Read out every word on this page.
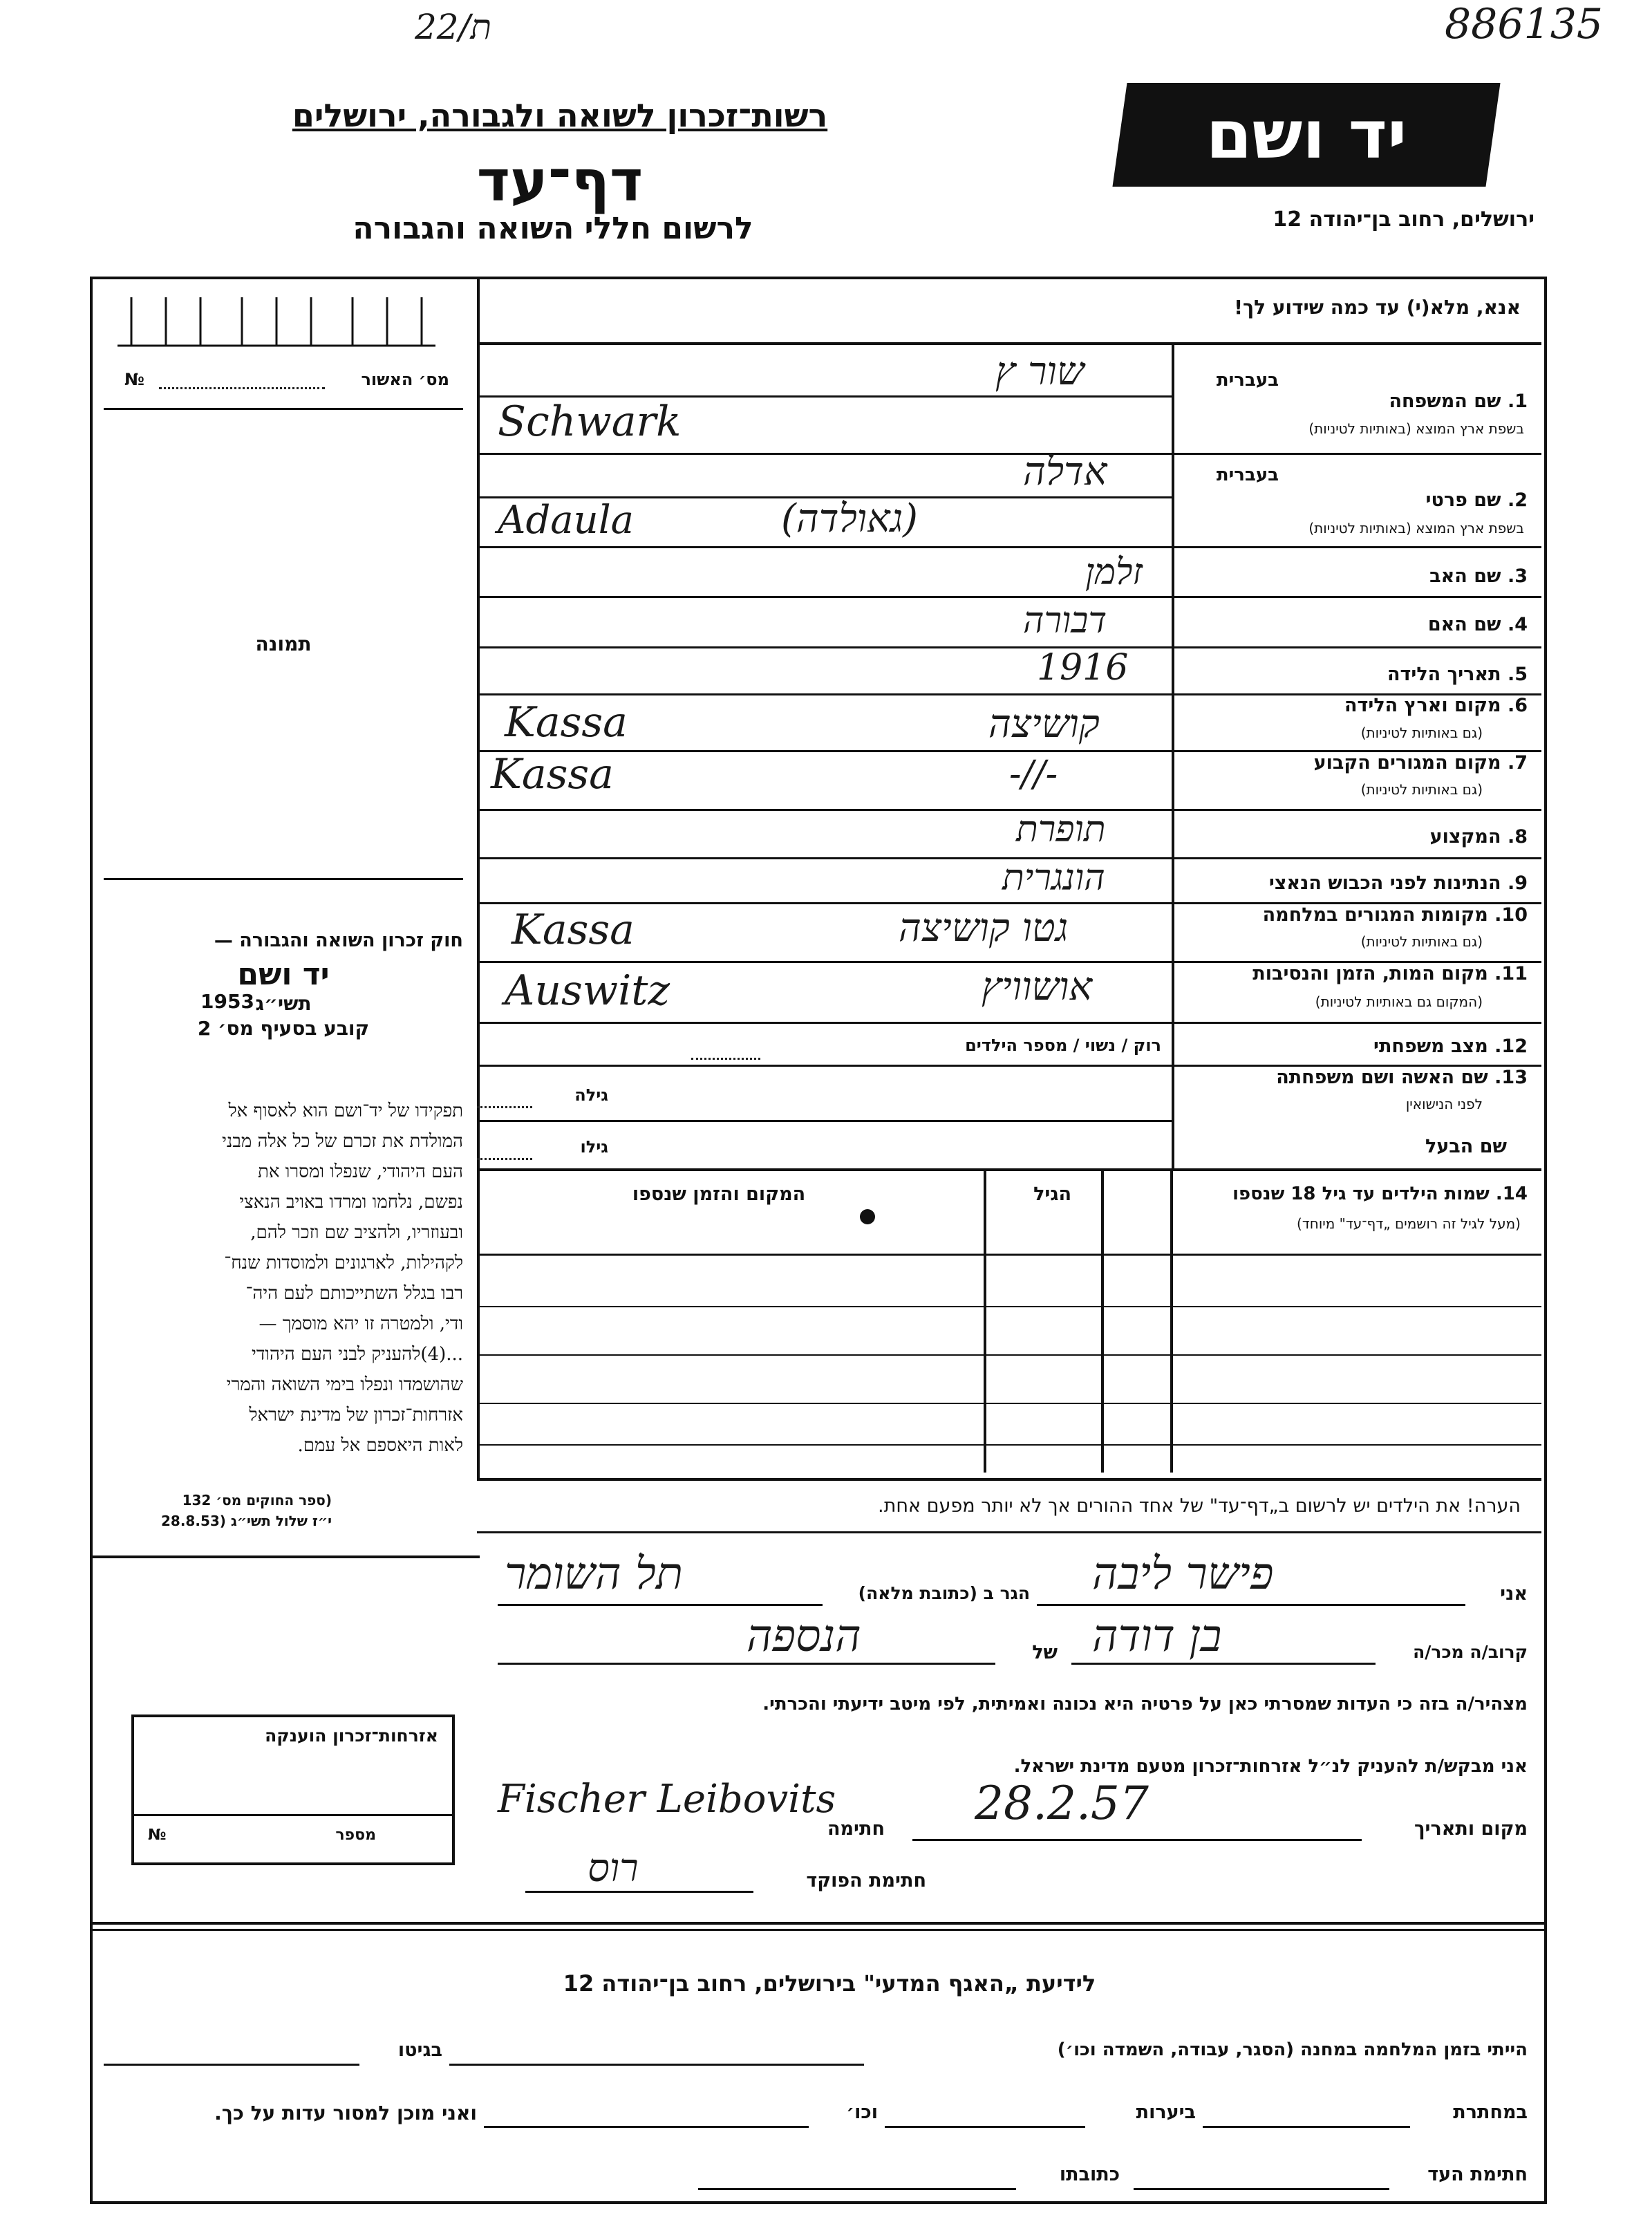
22/ת	886135
רשות־זכרון לשואה ולגבורה, ירושלים
דף־עד
לרשום חללי השואה והגבורה
יד ושם
ירושלים, רחוב בן־יהודה 12
מס׳ האשור
№
תמונה
חוק זכרון השואה והגבורה —
יד ושם
תשי״ג
1953
קובע בסעיף מס׳ 2
תפקידו של יד־ושם הוא לאסוף אל
המולדת את זכרם של כל אלה מבני
העם היהודי, שנפלו ומסרו את
נפשם, נלחמו ומרדו באויב הנאצי
ובעוזריו, ולהציב שם וזכר להם,
לקהילות, לארגונים ולמוסדות שנח־
רבו בגלל השתייכותם לעם היה־
ודי, ולמטרה זו יהא מוסמך —
...(4)להעניק לבני העם היהודי
שהושמדו ונפלו בימי השואה והמרי
אזרחות־זכרון של מדינת ישראל
לאות היאספם אל עמם.
(ספר החוקים מס׳ 132
י״ז שלול תשי״ג (28.8.53
אנא, מלא(י) עד כמה שידוע לך!
בעברית
1. שם המשפחה
בשפת ארץ המוצא (באותיות לטיניות)
שור ץ
Schwark
בעברית
2. שם פרטי
בשפת ארץ המוצא (באותיות לטיניות)
אדלה
Adaula	(גאולדה)
3. שם האב
זלמן
4. שם האם
דבורה
5. תאריך הלידה
1916
6. מקום וארץ הלידה
(גם באותיות לטיניות)
קושיצה
Kassa
7. מקום המגורים הקבוע
(גם באותיות לטיניות)
-//-
Kassa
8. המקצוע
תופרת
9. הנתינות לפני הכבוש הנאצי
הונגרית
10. מקומות המגורים במלחמה
(גם באותיות לטיניות)
גטו קושיצה
Kassa
11. מקום המות, הזמן והנסיבות
(המקום גם באותיות לטיניות)
אושוויץ
Auswitz
12. מצב משפחתי
רוק / נשוי / מספר הילדים
13. שם האשה ושם משפחתה
לפני הנישואין
גילה
שם הבעל
גילו
14. שמות הילדים עד גיל 18 שנספו
(מעל לגיל זה רושמים „דף־עד" מיוחד)
הגיל
המקום והזמן שנספו
הערה! את הילדים יש לרשום ב„דף־עד" של אחד ההורים אך לא יותר מפעם אחת.
אני
פישר ליבה
הגר ב (כתובת מלאה)
תל השומר
קרוב/ה מכר/ה
בן דודה
של
הנספה
מצהיר/ה בזה כי העדות שמסרתי כאן על פרטיה היא נכונה ואמיתית, לפי מיטב ידיעתי והכרתי.
אני מבקש/ת להעניק לנ״ל אזרחות־זכרון מטעם מדינת ישראל.
מקום ותאריך
28.2.57
חתימה
Fischer Leibovits
חתימת הפוקד
רוס
אזרחות־זכרון הוענקה
מספר
№
לידיעת „האגף המדעי" בירושלים, רחוב בן־יהודה 12
הייתי בזמן המלחמה במחנה (הסגר, עבודה, השמדה וכו׳)
בגיטו
במחתרת
ביערות
וכו׳
ואני מוכן למסור עדות על כך.
חתימת העד
כתובתו
